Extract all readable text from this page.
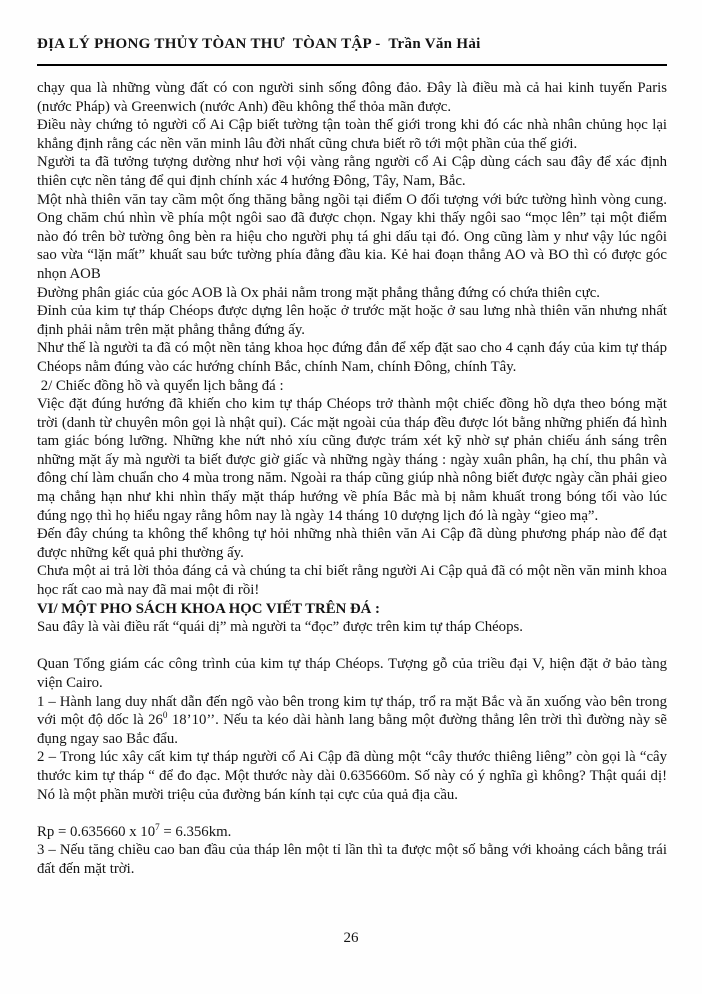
ĐỊA LÝ PHONG THỦY TÒAN THƯ  TÒAN TẬP -  Trần Văn Hải

chạy qua là những vùng đất có con người sinh sống đông đảo. Đây là điều mà cả hai kinh tuyến Paris (nước Pháp) và Greenwich (nước Anh) đều không thể thỏa mãn được.

Điều này chứng tỏ người cổ Ai Cập biết tường tận toàn thế giới trong khi đó các nhà nhân chủng học lại khẳng định rằng các nền văn minh lâu đời nhất cũng chưa biết rõ tới một phần của thế giới.

Người ta đã tưởng tượng dường như hơi vội vàng rằng người cổ Ai Cập dùng cách sau đây để xác định thiên cực nền tảng để qui định chính xác 4 hướng Đông, Tây, Nam, Bắc.

Một nhà thiên văn tay cầm một ống thăng bằng ngồi tại điểm O đối tượng với bức tường hình vòng cung. Ong chăm chú nhìn về phía một ngôi sao đã được chọn. Ngay khi thấy ngôi sao “mọc lên” tại một điểm nào đó trên bờ tường ông bèn ra hiệu cho người phụ tá ghi dấu tại đó. Ong cũng làm y như vậy lúc ngôi sao vừa “lặn mất” khuất sau bức tường phía đằng đầu kia. Kẻ hai đoạn thẳng AO và BO thì có được góc nhọn AOB

Đường phân giác của góc AOB là Ox phải nằm trong mặt phẳng thẳng đứng có chứa thiên cực.

Đỉnh của kim tự tháp Chéops được dựng lên hoặc ở trước mặt hoặc ở sau lưng nhà thiên văn nhưng nhất định phải nằm trên mặt phẳng thẳng đứng ấy.

Như thế là người ta đã có một nền tảng khoa học đứng đắn để xếp đặt sao cho 4 cạnh đáy của kim tự tháp Chéops nằm đúng vào các hướng chính Bắc, chính Nam, chính Đông, chính Tây.

2/ Chiếc đồng hồ và quyển lịch bằng đá :

Việc đặt đúng hướng đã khiến cho kim tự tháp Chéops trở thành một chiếc đồng hồ dựa theo bóng mặt trời (danh từ chuyên môn gọi là nhật quỉ). Các mặt ngoài của tháp đều được lót bằng những phiến đá hình tam giác bóng lưỡng. Những khe nứt nhỏ xíu cũng được trám xét kỹ nhờ sự phản chiếu ánh sáng trên những mặt ấy mà người ta biết được giờ giấc và những ngày tháng : ngày xuân phân, hạ chí, thu phân và đông chí làm chuẩn cho 4 mùa trong năm. Ngoài ra tháp cũng giúp nhà nông biết được ngày cần phải gieo mạ chẳng hạn như khi nhìn thấy mặt tháp hướng về phía Bắc mà bị nằm khuất trong bóng tối vào lúc đúng ngọ thì họ hiểu ngay rằng hôm nay là ngày 14 tháng 10 dượng lịch đó là ngày “gieo mạ”.

Đến đây chúng ta không thể không tự hỏi những nhà thiên văn Ai Cập đã dùng phương pháp nào để đạt được những kết quả phi thường ấy.

Chưa một ai trả lời thỏa đáng cả và chúng ta chỉ biết rằng người Ai Cập quả đã có một nền văn minh khoa học rất cao mà nay đã mai một đi rồi!

VI/ MỘT PHO SÁCH KHOA HỌC VIẾT TRÊN ĐÁ :

Sau đây là vài điều rất “quái dị” mà người ta “đọc” được trên kim tự tháp Chéops.

Quan Tổng giám các công trình của kim tự tháp Chéops. Tượng gỗ của triều đại V, hiện đặt ở bảo tàng viện Cairo.

1 – Hành lang duy nhất dẫn đến ngõ vào bên trong kim tự tháp, trổ ra mặt Bắc và ăn xuống vào bên trong với một độ dốc là $26^0$ 18’10’’. Nếu ta kéo dài hành lang bằng một đường thẳng lên trời thì đường này sẽ đụng ngay sao Bắc đẩu.

2 – Trong lúc xây cất kim tự tháp người cổ Ai Cập đã dùng một “cây thước thiêng liêng” còn gọi là “cây thước kim tự tháp “ để đo đạc. Một thước này dài 0.635660m. Số này có ý nghĩa gì không? Thật quái dị! Nó là một phần mười triệu của đường bán kính tại cực của quả địa cầu.

Rp = 0.635660 x $10^7 = 6.356km$.

3 – Nếu tăng chiều cao ban đầu của tháp lên một tỉ lần thì ta được một số bằng với khoảng cách bằng trái đất đến mặt trời.

26
